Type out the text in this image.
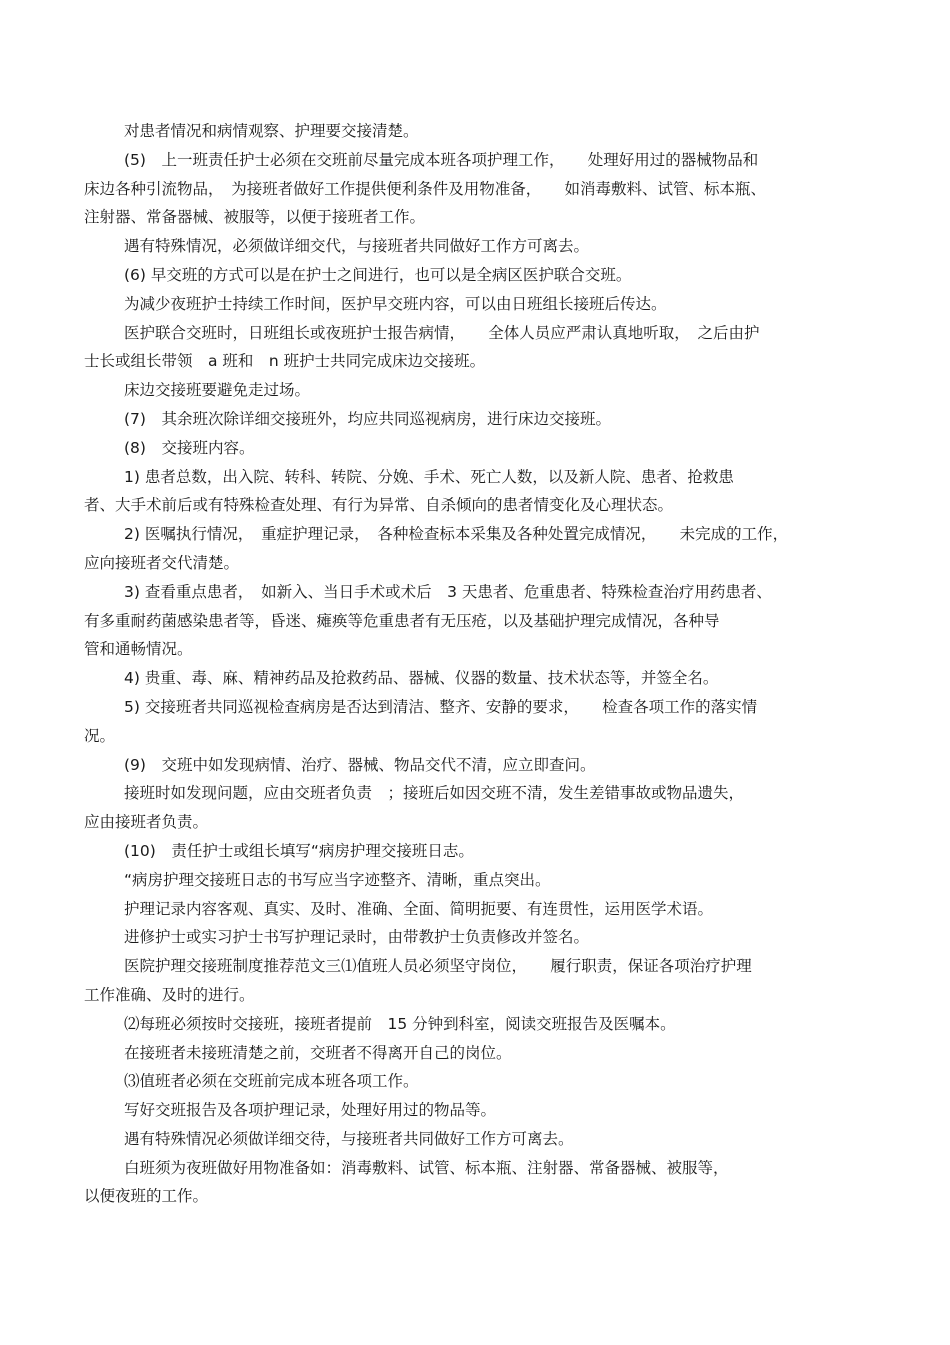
对患者情况和病情观察、护理要交接清楚。
(5)　上一班责任护士必须在交班前尽量完成本班各项护理工作，　　处理好用过的器械物品和
床边各种引流物品，　为接班者做好工作提供便利条件及用物准备，　　如消毒敷料、试管、标本瓶、
注射器、常备器械、被服等，以便于接班者工作。
遇有特殊情况，必须做详细交代，与接班者共同做好工作方可离去。
(6) 早交班的方式可以是在护士之间进行，也可以是全病区医护联合交班。
为减少夜班护士持续工作时间，医护早交班内容，可以由日班组长接班后传达。
医护联合交班时，日班组长或夜班护士报告病情，　　全体人员应严肃认真地听取，　之后由护
士长或组长带领　a 班和　n 班护士共同完成床边交接班。
床边交接班要避免走过场。
(7)　其余班次除详细交接班外，均应共同巡视病房，进行床边交接班。
(8)　交接班内容。
1) 患者总数，出入院、转科、转院、分娩、手术、死亡人数，以及新人院、患者、抢救患
者、大手术前后或有特殊检查处理、有行为异常、自杀倾向的患者情变化及心理状态。
2) 医嘱执行情况，　重症护理记录，　各种检查标本采集及各种处置完成情况，　　未完成的工作，
应向接班者交代清楚。
3) 查看重点患者，　如新入、当日手术或术后　3 天患者、危重患者、特殊检查治疗用药患者、
有多重耐药菌感染患者等，昏迷、瘫痪等危重患者有无压疮，以及基础护理完成情况，各种导
管和通畅情况。
4) 贵重、毒、麻、精神药品及抢救药品、器械、仪器的数量、技术状态等，并签全名。
5) 交接班者共同巡视检查病房是否达到清洁、整齐、安静的要求，　　检查各项工作的落实情
况。
(9)　交班中如发现病情、治疗、器械、物品交代不清，应立即查问。
接班时如发现问题，应由交班者负责　；接班后如因交班不清，发生差错事故或物品遗失，
应由接班者负责。
(10)　责任护士或组长填写“病房护理交接班日志。
“病房护理交接班日志的书写应当字迹整齐、清晰，重点突出。
护理记录内容客观、真实、及时、准确、全面、简明扼要、有连贯性，运用医学术语。
进修护士或实习护士书写护理记录时，由带教护士负责修改并签名。
医院护理交接班制度推荐范文三⑴值班人员必须坚守岗位，　　履行职责，保证各项治疗护理
工作准确、及时的进行。
⑵每班必须按时交接班，接班者提前　15 分钟到科室，阅读交班报告及医嘱本。
在接班者未接班清楚之前，交班者不得离开自己的岗位。
⑶值班者必须在交班前完成本班各项工作。
写好交班报告及各项护理记录，处理好用过的物品等。
遇有特殊情况必须做详细交待，与接班者共同做好工作方可离去。
白班须为夜班做好用物准备如：消毒敷料、试管、标本瓶、注射器、常备器械、被服等，
以便夜班的工作。
